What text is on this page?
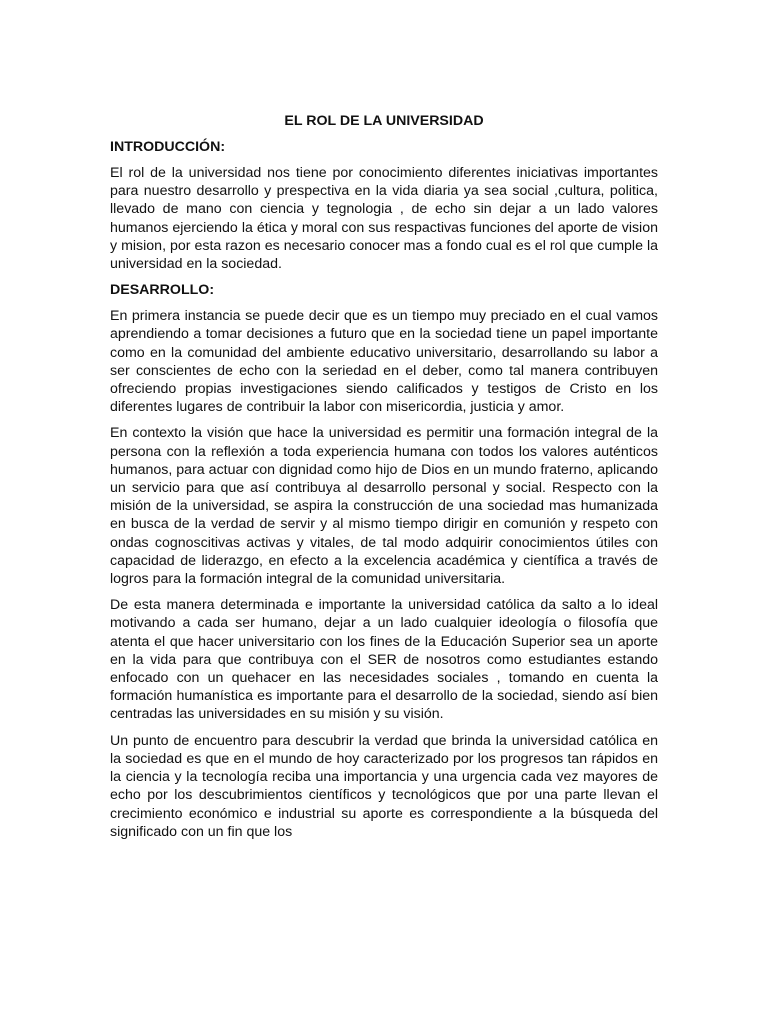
EL ROL DE LA UNIVERSIDAD
INTRODUCCIÓN:

El rol de la universidad nos tiene por conocimiento diferentes iniciativas importantes para nuestro desarrollo y prespectiva en la vida diaria ya sea social ,cultura, politica, llevado de mano con ciencia y tegnologia , de echo sin dejar a un lado valores humanos ejerciendo la ética y moral con sus respactivas funciones del aporte de vision y mision, por esta razon es necesario conocer mas a fondo cual es el rol que cumple la universidad en la sociedad.

DESARROLLO:

En primera instancia se puede decir que es un tiempo muy preciado en el cual vamos aprendiendo a tomar decisiones a futuro que en la sociedad tiene un papel importante como en la comunidad del ambiente educativo universitario, desarrollando su labor a ser conscientes de echo con la seriedad en el deber, como tal manera contribuyen ofreciendo propias investigaciones siendo calificados y testigos de Cristo en los diferentes lugares de contribuir la labor con misericordia, justicia y amor.

En contexto la visión que hace la universidad es permitir una formación integral de la persona con la reflexión a toda experiencia humana con todos los valores auténticos humanos, para actuar con dignidad como hijo de Dios en un mundo fraterno, aplicando un servicio para que así contribuya al desarrollo personal y social. Respecto con la misión de la universidad, se aspira la construcción de una sociedad mas humanizada en busca de la verdad de servir y al mismo tiempo dirigir en comunión y respeto con ondas cognoscitivas activas y vitales, de tal modo adquirir conocimientos útiles con capacidad de liderazgo, en efecto a la excelencia académica y científica a través de logros para la formación integral de la comunidad universitaria.

De esta manera determinada e importante la universidad católica da salto a lo ideal motivando a cada ser humano, dejar a un lado cualquier ideología o filosofía que atenta el que hacer universitario con los fines de la Educación Superior sea un aporte en la vida para que contribuya con el SER de nosotros como estudiantes estando enfocado con un quehacer en las necesidades sociales , tomando en cuenta la formación humanística es importante para el desarrollo de la sociedad, siendo así bien centradas las universidades en su misión y su visión.

Un punto de encuentro para descubrir la verdad que brinda la universidad católica en la sociedad es que en el mundo de hoy caracterizado por los progresos tan rápidos en la ciencia y la tecnología reciba una importancia y una urgencia cada vez mayores de echo por los descubrimientos científicos y tecnológicos que por una parte llevan el crecimiento económico e industrial su aporte es correspondiente a la búsqueda del significado con un fin que los
